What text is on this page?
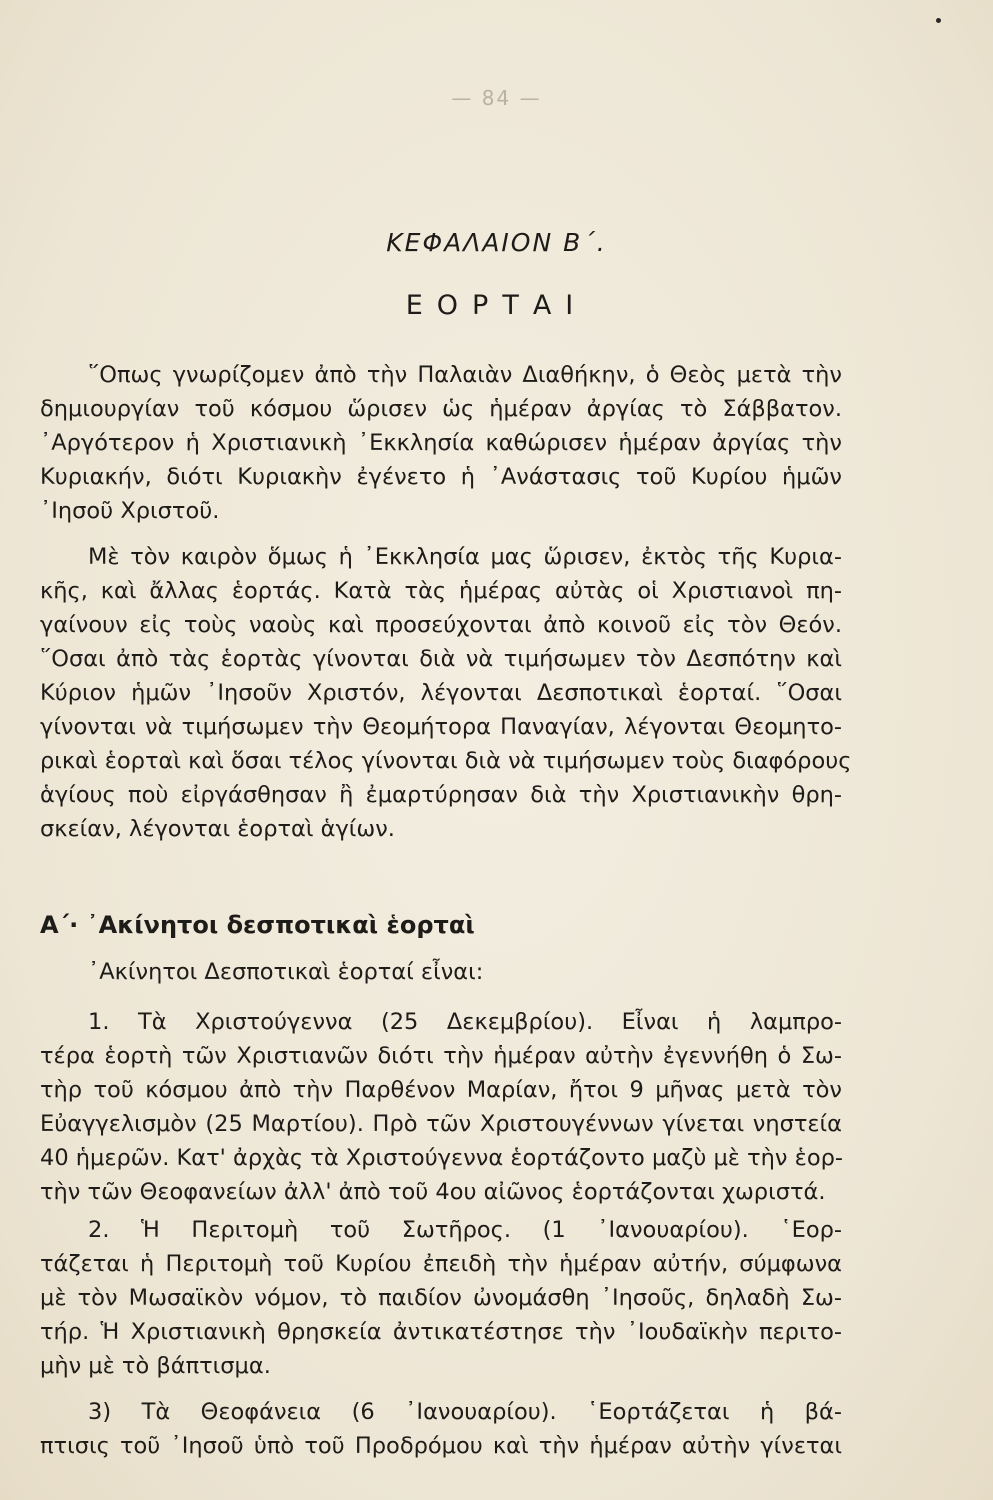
— 84 —
ΚΕΦΑΛΑΙΟΝ Β΄.
ΕΟΡΤΑΙ
῞Οπως γνωρίζομεν ἀπὸ τὴν Παλαιὰν Διαθήκην, ὁ Θεὸς μετὰ τὴν
δημιουργίαν τοῦ κόσμου ὥρισεν ὡς ἡμέραν ἀργίας τὸ Σάββατον.
᾿Αργότερον ἡ Χριστιανικὴ ᾿Εκκλησία καθώρισεν ἡμέραν ἀργίας τὴν
Κυριακήν, διότι Κυριακὴν ἐγένετο ἡ ᾿Ανάστασις τοῦ Κυρίου ἡμῶν
᾿Ιησοῦ Χριστοῦ.
Μὲ τὸν καιρὸν ὅμως ἡ ᾿Εκκλησία μας ὥρισεν, ἐκτὸς τῆς Κυρια-
κῆς, καὶ ἄλλας ἑορτάς. Κατὰ τὰς ἡμέρας αὐτὰς οἱ Χριστιανοὶ πη-
γαίνουν εἰς τοὺς ναοὺς καὶ προσεύχονται ἀπὸ κοινοῦ εἰς τὸν Θεόν.
῞Οσαι ἀπὸ τὰς ἑορτὰς γίνονται διὰ νὰ τιμήσωμεν τὸν Δεσπότην καὶ
Κύριον ἡμῶν ᾿Ιησοῦν Χριστόν, λέγονται Δεσποτικαὶ ἑορταί. ῞Οσαι
γίνονται νὰ τιμήσωμεν τὴν Θεομήτορα Παναγίαν, λέγονται Θεομητο-
ρικαὶ ἑορταὶ καὶ ὅσαι τέλος γίνονται διὰ νὰ τιμήσωμεν τοὺς διαφόρους
ἁγίους ποὺ εἰργάσθησαν ἢ ἐμαρτύρησαν διὰ τὴν Χριστιανικὴν θρη-
σκείαν, λέγονται ἑορταὶ ἁγίων.
Α΄· ᾿Ακίνητοι δεσποτικαὶ ἑορταὶ
᾿Ακίνητοι Δεσποτικαὶ ἑορταί εἶναι:
1. Τὰ Χριστούγεννα (25 Δεκεμβρίου). Εἶναι ἡ λαμπρο-
τέρα ἑορτὴ τῶν Χριστιανῶν διότι τὴν ἡμέραν αὐτὴν ἐγεννήθη ὁ Σω-
τὴρ τοῦ κόσμου ἀπὸ τὴν Παρθένον Μαρίαν, ἤτοι 9 μῆνας μετὰ τὸν
Εὐαγγελισμὸν (25 Μαρτίου). Πρὸ τῶν Χριστουγέννων γίνεται νηστεία
40 ἡμερῶν. Κατ' ἀρχὰς τὰ Χριστούγεννα ἑορτάζοντο μαζὺ μὲ τὴν ἑορ-
τὴν τῶν Θεοφανείων ἀλλ' ἀπὸ τοῦ 4ου αἰῶνος ἑορτάζονται χωριστά.
2. Ἡ Περιτομὴ τοῦ Σωτῆρος. (1 ᾿Ιανουαρίου). ῾Εορ-
τάζεται ἡ Περιτομὴ τοῦ Κυρίου ἐπειδὴ τὴν ἡμέραν αὐτήν, σύμφωνα
μὲ τὸν Μωσαϊκὸν νόμον, τὸ παιδίον ὠνομάσθη ᾿Ιησοῦς, δηλαδὴ Σω-
τήρ. Ἡ Χριστιανικὴ θρησκεία ἀντικατέστησε τὴν ᾿Ιουδαϊκὴν περιτο-
μὴν μὲ τὸ βάπτισμα.
3) Τὰ Θεοφάνεια (6 ᾿Ιανουαρίου). ῾Εορτάζεται ἡ βά-
πτισις τοῦ ᾿Ιησοῦ ὑπὸ τοῦ Προδρόμου καὶ τὴν ἡμέραν αὐτὴν γίνεται
